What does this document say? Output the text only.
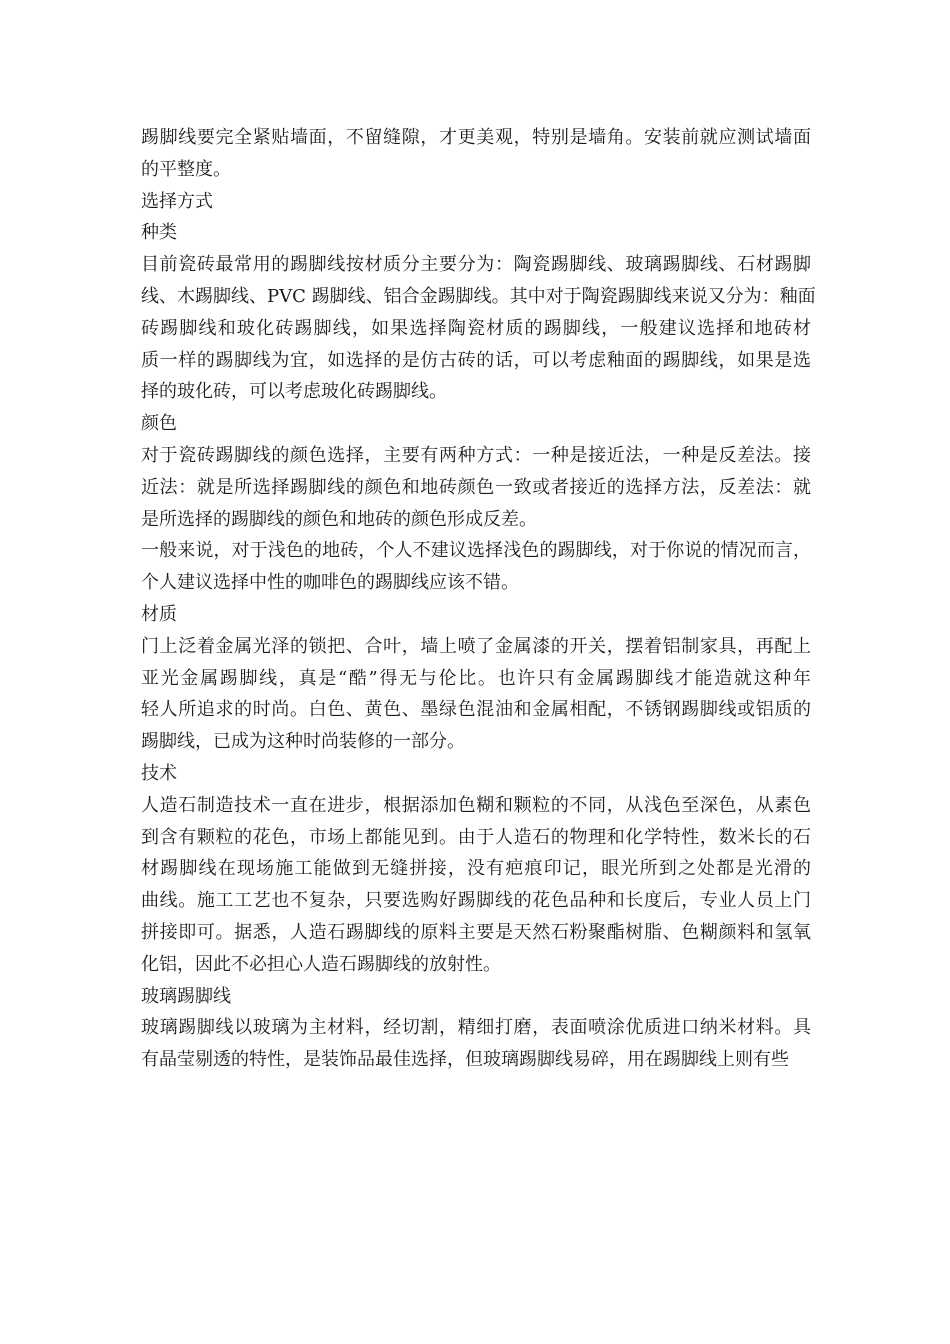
踢脚线要完全紧贴墙面，不留缝隙，才更美观，特别是墙角。安装前就应测试墙面
的平整度。

选择方式

种类

目前瓷砖最常用的踢脚线按材质分主要分为：陶瓷踢脚线、玻璃踢脚线、石材踢脚
线、木踢脚线、PVC 踢脚线、铝合金踢脚线。其中对于陶瓷踢脚线来说又分为：釉面
砖踢脚线和玻化砖踢脚线，如果选择陶瓷材质的踢脚线，一般建议选择和地砖材
质一样的踢脚线为宜，如选择的是仿古砖的话，可以考虑釉面的踢脚线，如果是选
择的玻化砖，可以考虑玻化砖踢脚线。

颜色

对于瓷砖踢脚线的颜色选择，主要有两种方式：一种是接近法，一种是反差法。接
近法：就是所选择踢脚线的颜色和地砖颜色一致或者接近的选择方法，反差法：就
是所选择的踢脚线的颜色和地砖的颜色形成反差。

一般来说，对于浅色的地砖，个人不建议选择浅色的踢脚线，对于你说的情况而言，
个人建议选择中性的咖啡色的踢脚线应该不错。

材质

门上泛着金属光泽的锁把、合叶，墙上喷了金属漆的开关，摆着铝制家具，再配上
亚光金属踢脚线，真是“酷”得无与伦比。也许只有金属踢脚线才能造就这种年
轻人所追求的时尚。白色、黄色、墨绿色混油和金属相配，不锈钢踢脚线或铝质的
踢脚线，已成为这种时尚装修的一部分。

技术

人造石制造技术一直在进步，根据添加色糊和颗粒的不同，从浅色至深色，从素色
到含有颗粒的花色，市场上都能见到。由于人造石的物理和化学特性，数米长的石
材踢脚线在现场施工能做到无缝拼接，没有疤痕印记，眼光所到之处都是光滑的
曲线。施工工艺也不复杂，只要选购好踢脚线的花色品种和长度后，专业人员上门
拼接即可。据悉，人造石踢脚线的原料主要是天然石粉聚酯树脂、色糊颜料和氢氧
化铝，因此不必担心人造石踢脚线的放射性。

玻璃踢脚线

玻璃踢脚线以玻璃为主材料，经切割，精细打磨，表面喷涂优质进口纳米材料。具
有晶莹剔透的特性，是装饰品最佳选择，但玻璃踢脚线易碎，用在踢脚线上则有些
